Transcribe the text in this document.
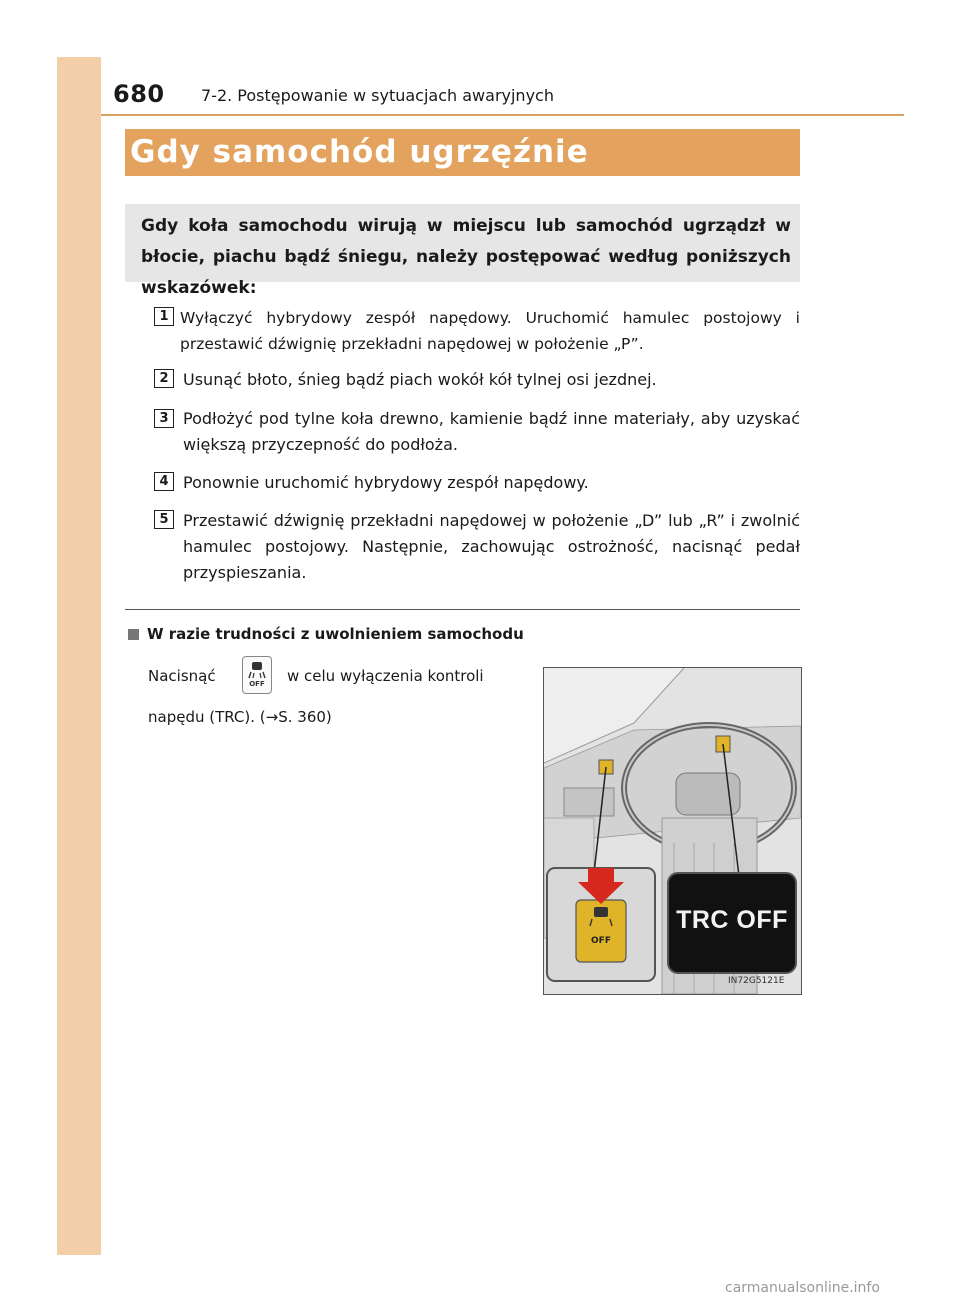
680 7-2. Postępowanie w sytuacjach awaryjnych
Gdy samochód ugrzęźnie
Gdy koła samochodu wirują w miejscu lub samochód ugrządzł w błocie, piachu bądź śniegu, należy postępować według poniższych wskazówek:
1 Wyłączyć hybrydowy zespół napędowy. Uruchomić hamulec postojowy i przestawić dźwignię przekładni napędowej w położenie „P”.
2 Usunąć błoto, śnieg bądź piach wokół kół tylnej osi jezdnej.
3 Podłożyć pod tylne koła drewno, kamienie bądź inne materiały, aby uzyskać większą przyczepność do podłoża.
4 Ponownie uruchomić hybrydowy zespół napędowy.
5 Przestawić dźwignię przekładni napędowej w położenie „D” lub „R” i zwolnić hamulec postojowy. Następnie, zachowując ostrożność, nacisnąć pedał przyspieszania.
W razie trudności z uwolnieniem samochodu
Nacisnąć	OFF	w celu wyłączenia kontroli
napędu (TRC). (→S. 360)
TRC OFF
OFF
IN72G5121E
carmanualsonline.info
